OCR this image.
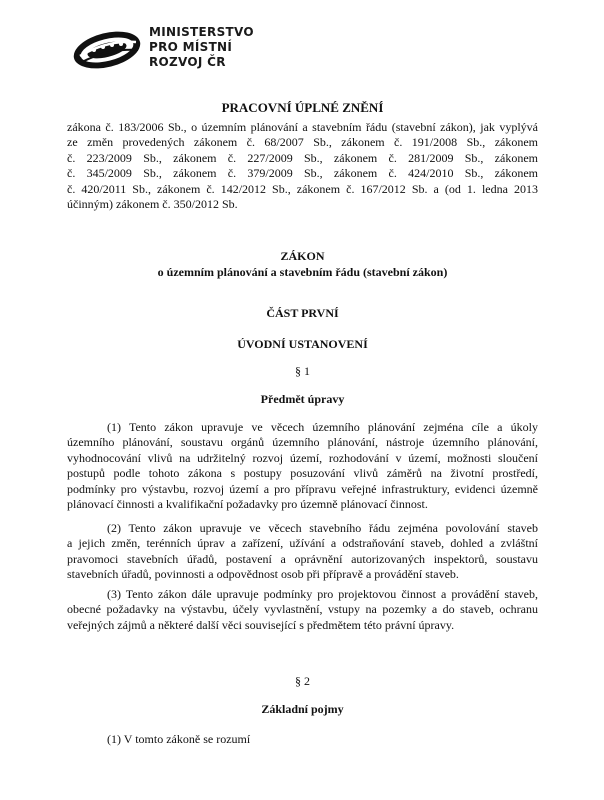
MINISTERSTVO
PRO MÍSTNÍ
ROZVOJ ČR
PRACOVNÍ ÚPLNÉ ZNĚNÍ
zákona č. 183/2006 Sb., o územním plánování a stavebním řádu (stavební zákon), jak vyplývá
ze změn provedených zákonem č. 68/2007 Sb., zákonem č. 191/2008 Sb., zákonem
č. 223/2009 Sb., zákonem č. 227/2009 Sb., zákonem č. 281/2009 Sb., zákonem
č. 345/2009 Sb., zákonem č. 379/2009 Sb., zákonem č. 424/2010 Sb., zákonem
č. 420/2011 Sb., zákonem č. 142/2012 Sb., zákonem č. 167/2012 Sb. a (od 1. ledna 2013
účinným) zákonem č. 350/2012 Sb.
ZÁKON
o územním plánování a stavebním řádu (stavební zákon)
ČÁST PRVNÍ
ÚVODNÍ USTANOVENÍ
§ 1
Předmět úpravy
(1) Tento zákon upravuje ve věcech územního plánování zejména cíle a úkoly
územního plánování, soustavu orgánů územního plánování, nástroje územního plánování,
vyhodnocování vlivů na udržitelný rozvoj území, rozhodování v území, možnosti sloučení
postupů podle tohoto zákona s postupy posuzování vlivů záměrů na životní prostředí,
podmínky pro výstavbu, rozvoj území a pro přípravu veřejné infrastruktury, evidenci územně
plánovací činnosti a kvalifikační požadavky pro územně plánovací činnost.
(2) Tento zákon upravuje ve věcech stavebního řádu zejména povolování staveb
a jejich změn, terénních úprav a zařízení, užívání a odstraňování staveb, dohled a zvláštní
pravomoci stavebních úřadů, postavení a oprávnění autorizovaných inspektorů, soustavu
stavebních úřadů, povinnosti a odpovědnost osob při přípravě a provádění staveb.
(3) Tento zákon dále upravuje podmínky pro projektovou činnost a provádění staveb,
obecné požadavky na výstavbu, účely vyvlastnění, vstupy na pozemky a do staveb, ochranu
veřejných zájmů a některé další věci související s předmětem této právní úpravy.
§ 2
Základní pojmy
(1) V tomto zákoně se rozumí
